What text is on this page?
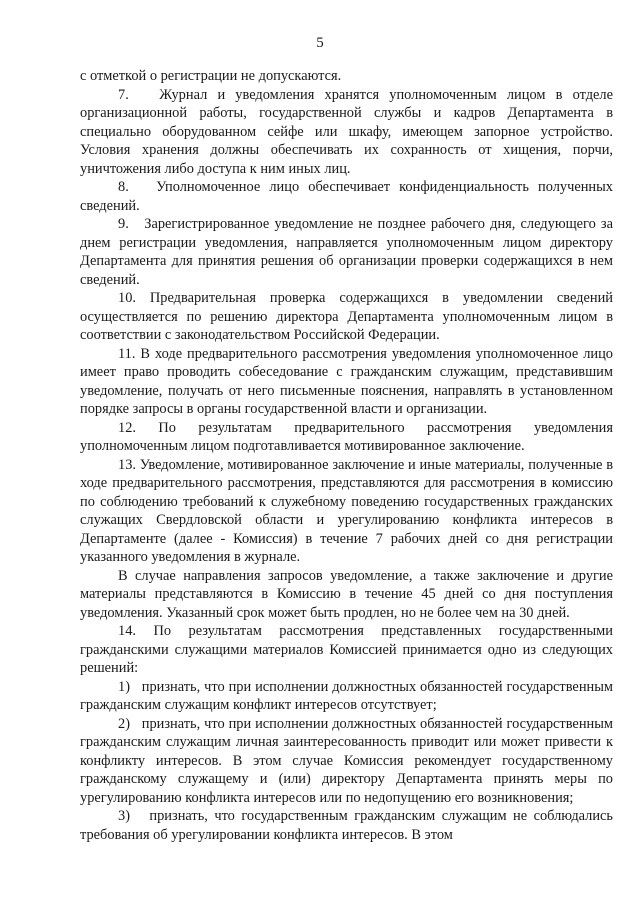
5

с отметкой о регистрации не допускаются.

7.   Журнал и уведомления хранятся уполномоченным лицом в отделе организационной работы, государственной службы и кадров Департамента в специально оборудованном сейфе или шкафу, имеющем запорное устройство. Условия хранения должны обеспечивать их сохранность от хищения, порчи, уничтожения либо доступа к ним иных лиц.

8.   Уполномоченное лицо обеспечивает конфиденциальность полученных сведений.

9.   Зарегистрированное уведомление не позднее рабочего дня, следующего за днем регистрации уведомления, направляется уполномоченным лицом директору Департамента для принятия решения об организации проверки содержащихся в нем сведений.

10. Предварительная проверка содержащихся в уведомлении сведений осуществляется по решению директора Департамента уполномоченным лицом в соответствии с законодательством Российской Федерации.

11. В ходе предварительного рассмотрения уведомления уполномоченное лицо имеет право проводить собеседование с гражданским служащим, представившим уведомление, получать от него письменные пояснения, направлять в установленном порядке запросы в органы государственной власти и организации.

12. По результатам предварительного рассмотрения уведомления уполномоченным лицом подготавливается мотивированное заключение.

13. Уведомление, мотивированное заключение и иные материалы, полученные в ходе предварительного рассмотрения, представляются для рассмотрения в комиссию по соблюдению требований к служебному поведению государственных гражданских служащих Свердловской области и урегулированию конфликта интересов в Департаменте (далее - Комиссия) в течение 7 рабочих дней со дня регистрации указанного уведомления в журнале.

В случае направления запросов уведомление, а также заключение и другие материалы представляются в Комиссию в течение 45 дней со дня поступления уведомления. Указанный срок может быть продлен, но не более чем на 30 дней.

14. По результатам рассмотрения представленных государственными гражданскими служащими материалов Комиссией принимается одно из следующих решений:

1)   признать, что при исполнении должностных обязанностей государственным гражданским служащим конфликт интересов отсутствует;

2)   признать, что при исполнении должностных обязанностей государственным гражданским служащим личная заинтересованность приводит или может привести к конфликту интересов. В этом случае Комиссия рекомендует государственному гражданскому служащему и (или) директору Департамента принять меры по урегулированию конфликта интересов или по недопущению его возникновения;

3)   признать, что государственным гражданским служащим не соблюдались требования об урегулировании конфликта интересов. В этом
